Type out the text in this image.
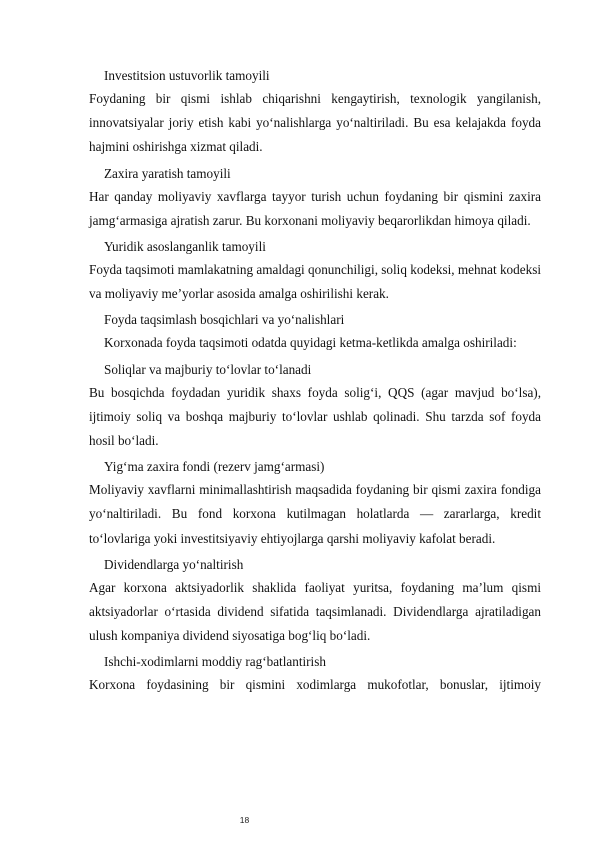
Investitsion ustuvorlik tamoyili

Foydaning bir qismi ishlab chiqarishni kengaytirish, texnologik yangilanish, innovatsiyalar joriy etish kabi yo‘nalishlarga yo‘naltiriladi. Bu esa kelajakda foyda hajmini oshirishga xizmat qiladi.

Zaxira yaratish tamoyili

Har qanday moliyaviy xavflarga tayyor turish uchun foydaning bir qismini zaxira jamg‘armasiga ajratish zarur. Bu korxonani moliyaviy beqarorlikdan himoya qiladi.

Yuridik asoslanganlik tamoyili

Foyda taqsimoti mamlakatning amaldagi qonunchiligi, soliq kodeksi, mehnat kodeksi va moliyaviy me’yorlar asosida amalga oshirilishi kerak.

Foyda taqsimlash bosqichlari va yo‘nalishlari

Korxonada foyda taqsimoti odatda quyidagi ketma-ketlikda amalga oshiriladi:

Soliqlar va majburiy to‘lovlar to‘lanadi

Bu bosqichda foydadan yuridik shaxs foyda solig‘i, QQS (agar mavjud bo‘lsa), ijtimoiy soliq va boshqa majburiy to‘lovlar ushlab qolinadi. Shu tarzda sof foyda hosil bo‘ladi.

Yig‘ma zaxira fondi (rezerv jamg‘armasi)

Moliyaviy xavflarni minimallashtirish maqsadida foydaning bir qismi zaxira fondiga yo‘naltiriladi. Bu fond korxona kutilmagan holatlarda — zararlarga, kredit to‘lovlariga yoki investitsiyaviy ehtiyojlarga qarshi moliyaviy kafolat beradi.

Dividendlarga yo‘naltirish

Agar korxona aktsiyadorlik shaklida faoliyat yuritsa, foydaning ma’lum qismi aktsiyadorlar o‘rtasida dividend sifatida taqsimlanadi. Dividendlarga ajratiladigan ulush kompaniya dividend siyosatiga bog‘liq bo‘ladi.

Ishchi-xodimlarni moddiy rag‘batlantirish

Korxona foydasining bir qismini xodimlarga mukofotlar, bonuslar, ijtimoiy

18
